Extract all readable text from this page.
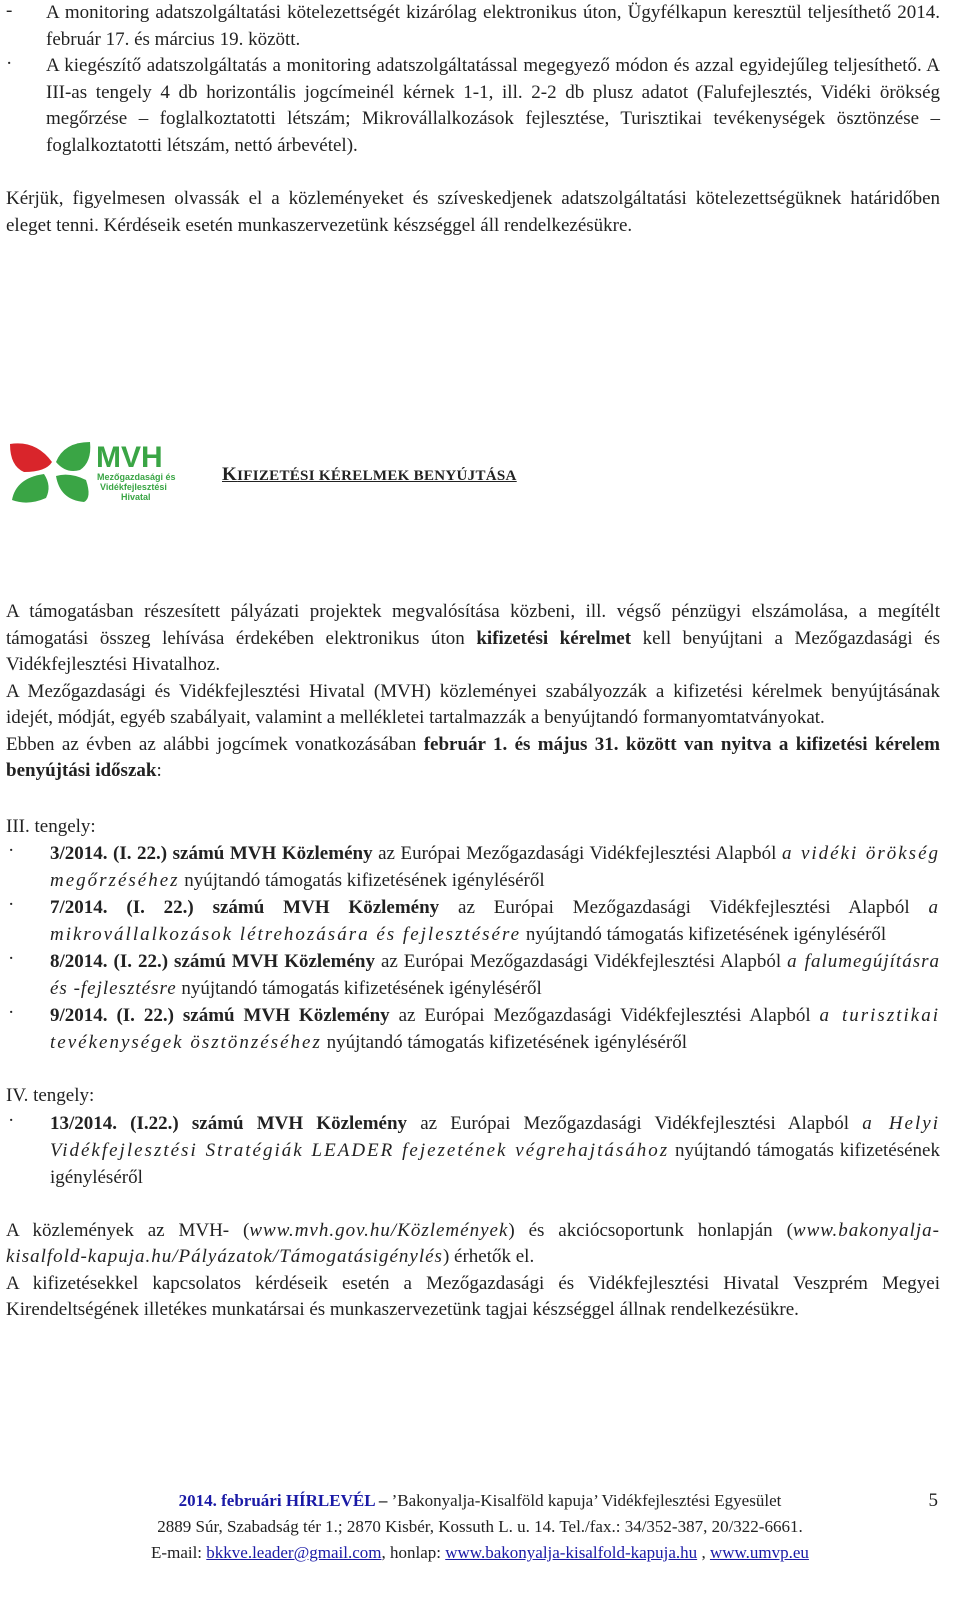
-	A monitoring adatszolgáltatási kötelezettségét kizárólag elektronikus úton, Ügyfélkapun keresztül teljesíthető 2014. február 17. és március 19. között.
·	A kiegészítő adatszolgáltatás a monitoring adatszolgáltatással megegyező módon és azzal egyidejűleg teljesíthető. A III-as tengely 4 db horizontális jogcímeinél kérnek 1-1, ill. 2-2 db plusz adatot (Falufejlesztés, Vidéki örökség megőrzése – foglalkoztatotti létszám; Mikrovállalkozások fejlesztése, Turisztikai tevékenységek ösztönzése – foglalkoztatotti létszám, nettó árbevétel).

Kérjük, figyelmesen olvassák el a közleményeket és szíveskedjenek adatszolgáltatási kötelezettségüknek határidőben eleget tenni. Kérdéseik esetén munkaszervezetünk készséggel áll rendelkezésükre.

MVH
Mezőgazdasági és
Vidékfejlesztési
Hivatal
KIFIZETÉSI KÉRELMEK BENYÚJTÁSA

A támogatásban részesített pályázati projektek megvalósítása közbeni, ill. végső pénzügyi elszámolása, a megítélt támogatási összeg lehívása érdekében elektronikus úton kifizetési kérelmet kell benyújtani a Mezőgazdasági és Vidékfejlesztési Hivatalhoz.

A Mezőgazdasági és Vidékfejlesztési Hivatal (MVH) közleményei szabályozzák a kifizetési kérelmek benyújtásának idejét, módját, egyéb szabályait, valamint a mellékletei tartalmazzák a benyújtandó formanyomtatványokat.

Ebben az évben az alábbi jogcímek vonatkozásában február 1. és május 31. között van nyitva a kifizetési kérelem benyújtási időszak:

III. tengely:

·	3/2014. (I. 22.) számú MVH Közlemény az Európai Mezőgazdasági Vidékfejlesztési Alapból a vidéki örökség megőrzéséhez nyújtandó támogatás kifizetésének igényléséről
·	7/2014. (I. 22.) számú MVH Közlemény az Európai Mezőgazdasági Vidékfejlesztési Alapból a mikrovállalkozások létrehozására és fejlesztésére nyújtandó támogatás kifizetésének igényléséről
·	8/2014. (I. 22.) számú MVH Közlemény az Európai Mezőgazdasági Vidékfejlesztési Alapból a falumegújításra és -fejlesztésre nyújtandó támogatás kifizetésének igényléséről
·	9/2014. (I. 22.) számú MVH Közlemény az Európai Mezőgazdasági Vidékfejlesztési Alapból a turisztikai tevékenységek ösztönzéséhez nyújtandó támogatás kifizetésének igényléséről

IV. tengely:

·	13/2014. (I.22.) számú MVH Közlemény az Európai Mezőgazdasági Vidékfejlesztési Alapból a Helyi Vidékfejlesztési Stratégiák LEADER fejezetének végrehajtásához nyújtandó támogatás kifizetésének igényléséről

A közlemények az MVH- (www.mvh.gov.hu/Közlemények) és akciócsoportunk honlapján (www.bakonyalja-kisalfold-kapuja.hu/Pályázatok/Támogatásigénylés) érhetők el.

A kifizetésekkel kapcsolatos kérdéseik esetén a Mezőgazdasági és Vidékfejlesztési Hivatal Veszprém Megyei Kirendeltségének illetékes munkatársai és munkaszervezetünk tagjai készséggel állnak rendelkezésükre.

2014. februári HÍRLEVÉL – ’Bakonyalja-Kisalföld kapuja’ Vidékfejlesztési Egyesület
2889 Súr, Szabadság tér 1.; 2870 Kisbér, Kossuth L. u. 14. Tel./fax.: 34/352-387, 20/322-6661.
E-mail: bkkve.leader@gmail.com, honlap: www.bakonyalja-kisalfold-kapuja.hu , www.umvp.eu
5
